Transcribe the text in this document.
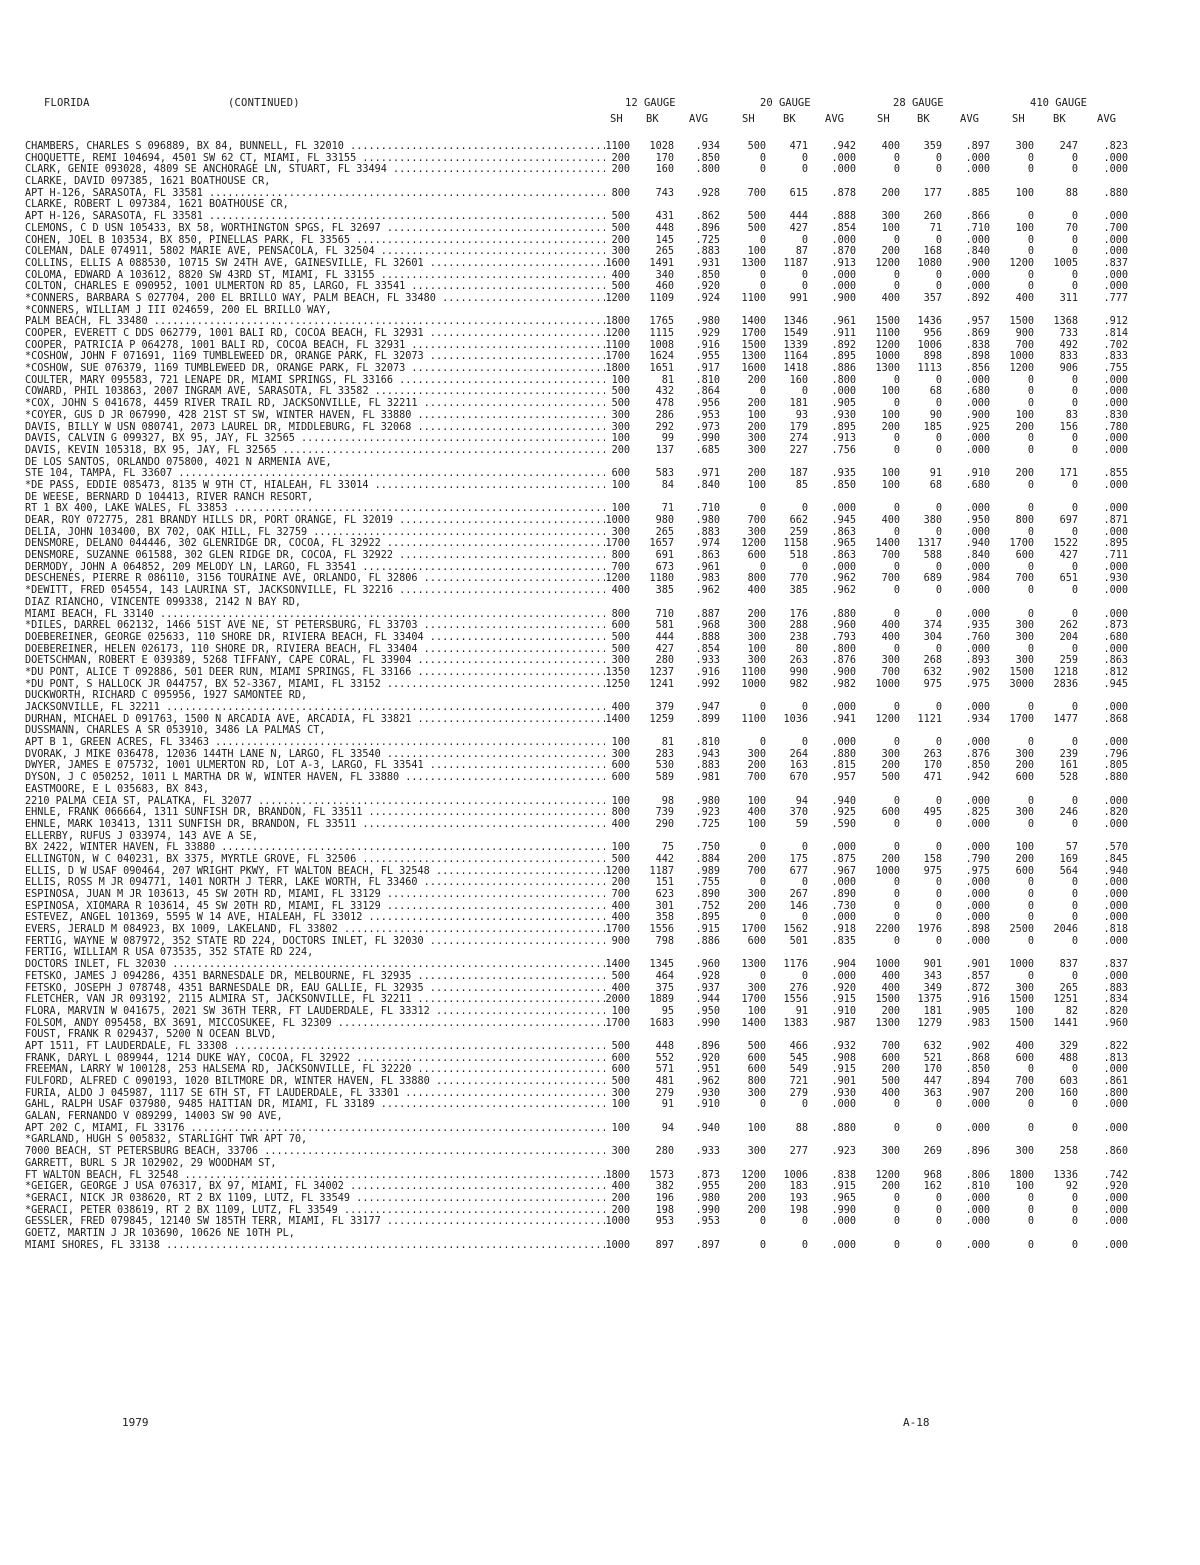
FLORIDA	(CONTINUED)	12 GAUGE	20 GAUGE	28 GAUGE	410 GAUGE
SH BK	AVG	SH	BK	AVG	SH	BK	AVG	SH	BK	AVG
CHAMBERS, CHARLES S 096889, BX 84, BUNNELL, FL 32010 .....	1100	1028	.934	500	471	.942	400	359	.897	300	247	.823
CHOQUETTE, REMI 104694, 4501 SW 62 CT, MIAMI, FL 33155 .....	200	170	.850	0	0	.000	0	0	.000	0	0	.000
CLARK, GENIE 093028, 4809 SE ANCHORAGE LN, STUART, FL 33494 .....	200	160	.800	0	0	.000	0	0	.000	0	0	.000
CLARKE, DAVID 097385, 1621 BOATHOUSE CR,
APT H-126, SARASOTA, FL 33581 .....	800	743	.928	700	615	.878	200	177	.885	100	88	.880
CLARKE, ROBERT L 097384, 1621 BOATHOUSE CR,
APT H-126, SARASOTA, FL 33581 .....	500	431	.862	500	444	.888	300	260	.866	0	0	.000
CLEMONS, C D USN 105433, BX 58, WORTHINGTON SPGS, FL 32697 .....	500	448	.896	500	427	.854	100	71	.710	100	70	.700
COHEN, JOEL B 103534, BX 850, PINELLAS PARK, FL 33565 .....	200	145	.725	0	0	.000	0	0	.000	0	0	.000
COLEMAN, DALE 074911, 5802 MARIE AVE, PENSACOLA, FL 32504 .....	300	265	.883	100	87	.870	200	168	.840	0	0	.000
COLLINS, ELLIS A 088530, 10715 SW 24TH AVE, GAINESVILLE, FL 32601 .....	1600	1491	.931	1300	1187	.913	1200	1080	.900	1200	1005	.837
COLOMA, EDWARD A 103612, 8820 SW 43RD ST, MIAMI, FL 33155 .....	400	340	.850	0	0	.000	0	0	.000	0	0	.000
COLTON, CHARLES E 090952, 1001 ULMERTON RD 85, LARGO, FL 33541 .....	500	460	.920	0	0	.000	0	0	.000	0	0	.000
*CONNERS, BARBARA S 027704, 200 EL BRILLO WAY, PALM BEACH, FL 33480 .....	1200	1109	.924	1100	991	.900	400	357	.892	400	311	.777
*CONNERS, WILLIAM J III 024659, 200 EL BRILLO WAY,
PALM BEACH, FL 33480 .....	1800	1765	.980	1400	1346	.961	1500	1436	.957	1500	1368	.912
COOPER, EVERETT C DDS 062779, 1001 BALI RD, COCOA BEACH, FL 32931 .....	1200	1115	.929	1700	1549	.911	1100	956	.869	900	733	.814
COOPER, PATRICIA P 064278, 1001 BALI RD, COCOA BEACH, FL 32931 .....	1100	1008	.916	1500	1339	.892	1200	1006	.838	700	492	.702
*COSHOW, JOHN F 071691, 1169 TUMBLEWEED DR, ORANGE PARK, FL 32073 .....	1700	1624	.955	1300	1164	.895	1000	898	.898	1000	833	.833
*COSHOW, SUE 076379, 1169 TUMBLEWEED DR, ORANGE PARK, FL 32073 .....	1800	1651	.917	1600	1418	.886	1300	1113	.856	1200	906	.755
COULTER, MARY 095583, 721 LENAPE DR, MIAMI SPRINGS, FL 33166 .....	100	81	.810	200	160	.800	0	0	.000	0	0	.000
COWARD, PHIL 103863, 2007 INGRAM AVE, SARASOTA, FL 33582 .....	500	432	.864	0	0	.000	100	68	.680	0	0	.000
*COX, JOHN S 041678, 4459 RIVER TRAIL RD, JACKSONVILLE, FL 32211 .....	500	478	.956	200	181	.905	0	0	.000	0	0	.000
*COYER, GUS D JR 067990, 428 21ST ST SW, WINTER HAVEN, FL 33880 .....	300	286	.953	100	93	.930	100	90	.900	100	83	.830
DAVIS, BILLY W USN 080741, 2073 LAUREL DR, MIDDLEBURG, FL 32068 .....	300	292	.973	200	179	.895	200	185	.925	200	156	.780
DAVIS, CALVIN G 099327, BX 95, JAY, FL 32565 .....	100	99	.990	300	274	.913	0	0	.000	0	0	.000
DAVIS, KEVIN 105318, BX 95, JAY, FL 32565 .....	200	137	.685	300	227	.756	0	0	.000	0	0	.000
DE LOS SANTOS, ORLANDO 075800, 4021 N ARMENIA AVE,
STE 104, TAMPA, FL 33607 .....	600	583	.971	200	187	.935	100	91	.910	200	171	.855
*DE PASS, EDDIE 085473, 8135 W 9TH CT, HIALEAH, FL 33014 .....	100	84	.840	100	85	.850	100	68	.680	0	0	.000
DE WEESE, BERNARD D 104413, RIVER RANCH RESORT,
RT 1 BX 400, LAKE WALES, FL 33853 .....	100	71	.710	0	0	.000	0	0	.000	0	0	.000
DEAR, ROY 072775, 281 BRANDY HILLS DR, PORT ORANGE, FL 32019 .....	1000	980	.980	700	662	.945	400	380	.950	800	697	.871
DELIA, JOHN 103400, BX 702, OAK HILL, FL 32759 .....	300	265	.883	300	259	.863	0	0	.000	0	0	.000
DENSMORE, DELANO 044446, 302 GLENRIDGE DR, COCOA, FL 32922 .....	1700	1657	.974	1200	1158	.965	1400	1317	.940	1700	1522	.895
DENSMORE, SUZANNE 061588, 302 GLEN RIDGE DR, COCOA, FL 32922 .....	800	691	.863	600	518	.863	700	588	.840	600	427	.711
DERMODY, JOHN A 064852, 209 MELODY LN, LARGO, FL 33541 .....	700	673	.961	0	0	.000	0	0	.000	0	0	.000
DESCHENES, PIERRE R 086110, 3156 TOURAINE AVE, ORLANDO, FL 32806 .....	1200	1180	.983	800	770	.962	700	689	.984	700	651	.930
*DEWITT, FRED 054554, 143 LAURINA ST, JACKSONVILLE, FL 32216 .....	400	385	.962	400	385	.962	0	0	.000	0	0	.000
DIAZ RIANCHO, VINCENTE 099338, 2142 N BAY RD,
MIAMI BEACH, FL 33140 .....	800	710	.887	200	176	.880	0	0	.000	0	0	.000
*DILES, DARREL 062132, 1466 51ST AVE NE, ST PETERSBURG, FL 33703 .....	600	581	.968	300	288	.960	400	374	.935	300	262	.873
DOEBEREINER, GEORGE 025633, 110 SHORE DR, RIVIERA BEACH, FL 33404 .....	500	444	.888	300	238	.793	400	304	.760	300	204	.680
DOEBEREINER, HELEN 026173, 110 SHORE DR, RIVIERA BEACH, FL 33404 .....	500	427	.854	100	80	.800	0	0	.000	0	0	.000
DOETSCHMAN, ROBERT E 039389, 5268 TIFFANY, CAPE CORAL, FL 33904 .....	300	280	.933	300	263	.876	300	268	.893	300	259	.863
*DU PONT, ALICE T 092886, 501 DEER RUN, MIAMI SPRINGS, FL 33166 .....	1350	1237	.916	1100	990	.900	700	632	.902	1500	1218	.812
*DU PONT, S HALLOCK JR 044757, BX 52-3367, MIAMI, FL 33152 .....	1250	1241	.992	1000	982	.982	1000	975	.975	3000	2836	.945
DUCKWORTH, RICHARD C 095956, 1927 SAMONTEE RD,
JACKSONVILLE, FL 32211 .....	400	379	.947	0	0	.000	0	0	.000	0	0	.000
DURHAN, MICHAEL D 091763, 1500 N ARCADIA AVE, ARCADIA, FL 33821 .....	1400	1259	.899	1100	1036	.941	1200	1121	.934	1700	1477	.868
DUSSMANN, CHARLES A SR 053910, 3486 LA PALMAS CT,
APT B 1, GREEN ACRES, FL 33463 .....	100	81	.810	0	0	.000	0	0	.000	0	0	.000
DVORAK, J MIKE 036478, 12036 144TH LANE N, LARGO, FL 33540 .....	300	283	.943	300	264	.880	300	263	.876	300	239	.796
DWYER, JAMES E 075732, 1001 ULMERTON RD, LOT A-3, LARGO, FL 33541 .....	600	530	.883	200	163	.815	200	170	.850	200	161	.805
DYSON, J C 050252, 1011 L MARTHA DR W, WINTER HAVEN, FL 33880 .....	600	589	.981	700	670	.957	500	471	.942	600	528	.880
EASTMOORE, E L 035683, BX 843,
2210 PALMA CEIA ST, PALATKA, FL 32077 .....	100	98	.980	100	94	.940	0	0	.000	0	0	.000
EHNLE, FRANK 066664, 1311 SUNFISH DR, BRANDON, FL 33511 .....	800	739	.923	400	370	.925	600	495	.825	300	246	.820
EHNLE, MARK 103413, 1311 SUNFISH DR, BRANDON, FL 33511 .....	400	290	.725	100	59	.590	0	0	.000	0	0	.000
ELLERBY, RUFUS J 033974, 143 AVE A SE,
BX 2422, WINTER HAVEN, FL 33880 .....	100	75	.750	0	0	.000	0	0	.000	100	57	.570
ELLINGTON, W C 040231, BX 3375, MYRTLE GROVE, FL 32506 .....	500	442	.884	200	175	.875	200	158	.790	200	169	.845
ELLIS, D W USAF 090464, 207 WRIGHT PKWY, FT WALTON BEACH, FL 32548 .....	1200	1187	.989	700	677	.967	1000	975	.975	600	564	.940
ELLIS, ROSS M JR 094771, 1401 NORTH J TERR, LAKE WORTH, FL 33460 .....	200	151	.755	0	0	.000	0	0	.000	0	0	.000
ESPINOSA, JUAN M JR 103613, 45 SW 20TH RD, MIAMI, FL 33129 .....	700	623	.890	300	267	.890	0	0	.000	0	0	.000
ESPINOSA, XIOMARA R 103614, 45 SW 20TH RD, MIAMI, FL 33129 .....	400	301	.752	200	146	.730	0	0	.000	0	0	.000
ESTEVEZ, ANGEL 101369, 5595 W 14 AVE, HIALEAH, FL 33012 .....	400	358	.895	0	0	.000	0	0	.000	0	0	.000
EVERS, JERALD M 084923, BX 1009, LAKELAND, FL 33802 .....	1700	1556	.915	1700	1562	.918	2200	1976	.898	2500	2046	.818
FERTIG, WAYNE W 087972, 352 STATE RD 224, DOCTORS INLET, FL 32030 .....	900	798	.886	600	501	.835	0	0	.000	0	0	.000
FERTIG, WILLIAM R USA 073535, 352 STATE RD 224,
DOCTORS INLET, FL 32030 .....	1400	1345	.960	1300	1176	.904	1000	901	.901	1000	837	.837
FETSKO, JAMES J 094286, 4351 BARNESDALE DR, MELBOURNE, FL 32935 .....	500	464	.928	0	0	.000	400	343	.857	0	0	.000
FETSKO, JOSEPH J 078748, 4351 BARNESDALE DR, EAU GALLIE, FL 32935 .....	400	375	.937	300	276	.920	400	349	.872	300	265	.883
FLETCHER, VAN JR 093192, 2115 ALMIRA ST, JACKSONVILLE, FL 32211 .....	2000	1889	.944	1700	1556	.915	1500	1375	.916	1500	1251	.834
FLORA, MARVIN W 041675, 2021 SW 36TH TERR, FT LAUDERDALE, FL 33312 .....	100	95	.950	100	91	.910	200	181	.905	100	82	.820
FOLSOM, ANDY 095458, BX 3691, MICCOSUKEE, FL 32309 .....	1700	1683	.990	1400	1383	.987	1300	1279	.983	1500	1441	.960
FOUST, FRANK R 029437, 5200 N OCEAN BLVD,
APT 1511, FT LAUDERDALE, FL 33308 .....	500	448	.896	500	466	.932	700	632	.902	400	329	.822
FRANK, DARYL L 089944, 1214 DUKE WAY, COCOA, FL 32922 .....	600	552	.920	600	545	.908	600	521	.868	600	488	.813
FREEMAN, LARRY W 100128, 253 HALSEMA RD, JACKSONVILLE, FL 32220 .....	600	571	.951	600	549	.915	200	170	.850	0	0	.000
FULFORD, ALFRED C 090193, 1020 BILTMORE DR, WINTER HAVEN, FL 33880 .....	500	481	.962	800	721	.901	500	447	.894	700	603	.861
FURIA, ALDO J 045987, 1117 SE 6TH ST, FT LAUDERDALE, FL 33301 .....	300	279	.930	300	279	.930	400	363	.907	200	160	.800
GAHL, RALPH USAF 037980, 9485 HAITIAN DR, MIAMI, FL 33189 .....	100	91	.910	0	0	.000	0	0	.000	0	0	.000
GALAN, FERNANDO V 089299, 14003 SW 90 AVE,
APT 202 C, MIAMI, FL 33176 .....	100	94	.940	100	88	.880	0	0	.000	0	0	.000
*GARLAND, HUGH S 005832, STARLIGHT TWR APT 70,
7000 BEACH, ST PETERSBURG BEACH, 33706 .....	300	280	.933	300	277	.923	300	269	.896	300	258	.860
GARRETT, BURL S JR 102902, 29 WOODHAM ST,
FT WALTON BEACH, FL 32548 .....	1800	1573	.873	1200	1006	.838	1200	968	.806	1800	1336	.742
*GEIGER, GEORGE J USA 076317, BX 97, MIAMI, FL 34002 .....	400	382	.955	200	183	.915	200	162	.810	100	92	.920
*GERACI, NICK JR 038620, RT 2 BX 1109, LUTZ, FL 33549 .....	200	196	.980	200	193	.965	0	0	.000	0	0	.000
*GERACI, PETER 038619, RT 2 BX 1109, LUTZ, FL 33549 .....	200	198	.990	200	198	.990	0	0	.000	0	0	.000
GESSLER, FRED 079845, 12140 SW 185TH TERR, MIAMI, FL 33177 .....	1000	953	.953	0	0	.000	0	0	.000	0	0	.000
GOETZ, MARTIN J JR 103690, 10626 NE 10TH PL,
MIAMI SHORES, FL 33138 .....	1000	897	.897	0	0	.000	0	0	.000	0	0	.000
1979	A-18
